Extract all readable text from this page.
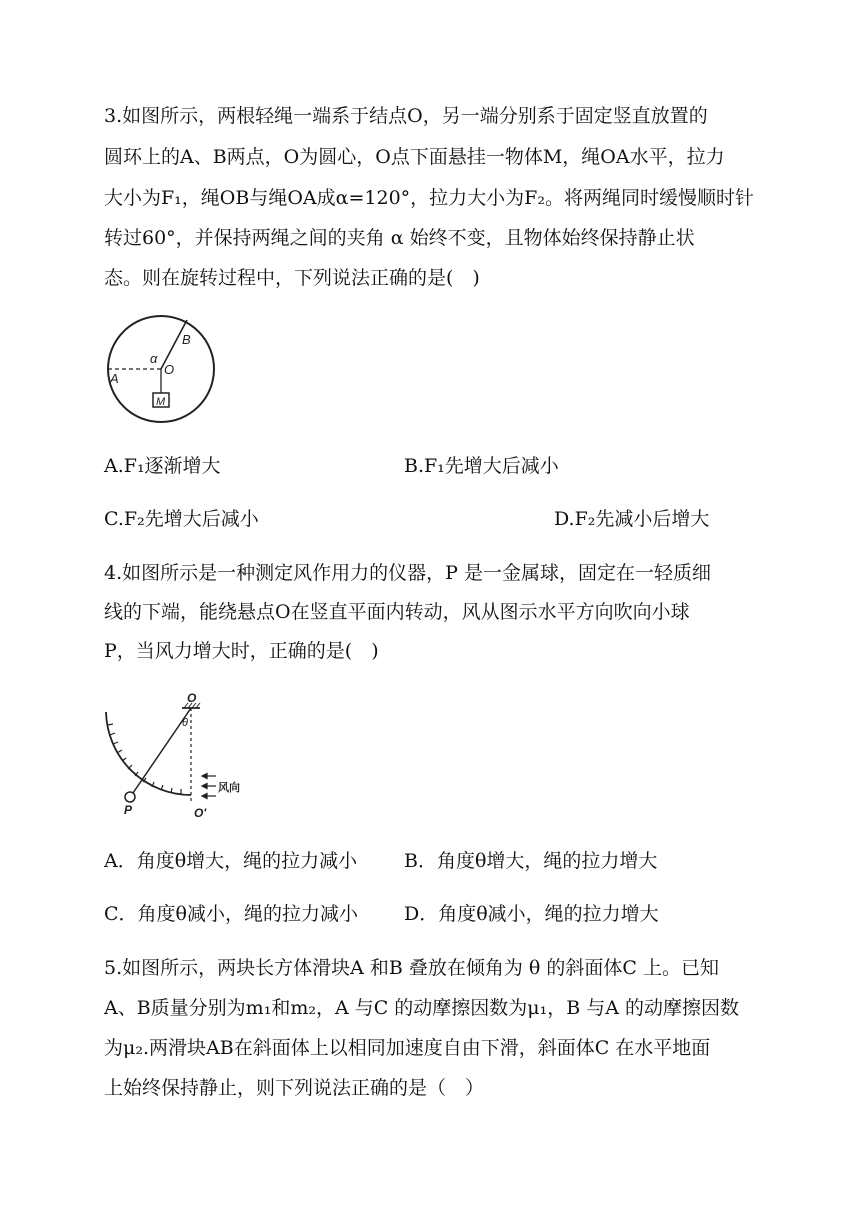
3.如图所示，两根轻绳一端系于结点O，另一端分别系于固定竖直放置的
圆环上的A、B两点，O为圆心，O点下面悬挂一物体M，绳OA水平，拉力
大小为F₁，绳OB与绳OA成α=120°，拉力大小为F₂。将两绳同时缓慢顺时针
转过60°，并保持两绳之间的夹角 α 始终不变，且物体始终保持静止状
态。则在旋转过程中，下列说法正确的是(　)
A
B
O
α
M
A.F₁逐渐增大	B.F₁先增大后减小
C.F₂先增大后减小	D.F₂先减小后增大
4.如图所示是一种测定风作用力的仪器，P 是一金属球，固定在一轻质细
线的下端，能绕悬点O在竖直平面内转动，风从图示水平方向吹向小球
P，当风力增大时，正确的是(　)
O
θ
P	O'
风向
A．角度θ增大，绳的拉力减小 B．角度θ增大，绳的拉力增大
C．角度θ减小，绳的拉力减小 D．角度θ减小，绳的拉力增大
5.如图所示，两块长方体滑块A 和B 叠放在倾角为 θ 的斜面体C 上。已知
A、B质量分别为m₁和m₂，A 与C 的动摩擦因数为μ₁，B 与A 的动摩擦因数
为μ₂.两滑块AB在斜面体上以相同加速度自由下滑，斜面体C 在水平地面
上始终保持静止，则下列说法正确的是（　）
